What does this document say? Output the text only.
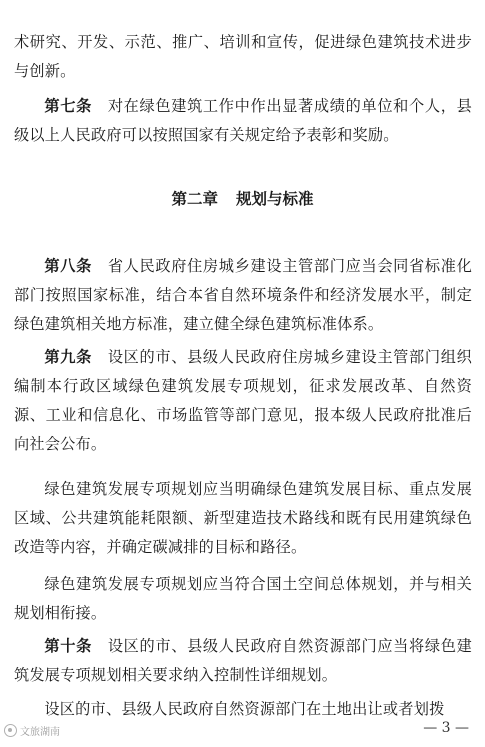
术研究、开发、示范、推广、培训和宣传，促进绿色建筑技术进步与创新。

第七条　 对在绿色建筑工作中作出显著成绩的单位和个人，县级以上人民政府可以按照国家有关规定给予表彰和奖励。

第二章 规划与标准

第八条　 省人民政府住房城乡建设主管部门应当会同省标准化部门按照国家标准，结合本省自然环境条件和经济发展水平，制定绿色建筑相关地方标准，建立健全绿色建筑标准体系。

第九条　 设区的市、县级人民政府住房城乡建设主管部门组织编制本行政区域绿色建筑发展专项规划，征求发展改革、自然资源、工业和信息化、市场监管等部门意见，报本级人民政府批准后向社会公布。

绿色建筑发展专项规划应当明确绿色建筑发展目标、重点发展区域、公共建筑能耗限额、新型建造技术路线和既有民用建筑绿色改造等内容，并确定碳减排的目标和路径。

绿色建筑发展专项规划应当符合国土空间总体规划，并与相关规划相衔接。

第十条　 设区的市、县级人民政府自然资源部门应当将绿色建筑发展专项规划相关要求纳入控制性详细规划。

设区的市、县级人民政府自然资源部门在土地出让或者划拨

文旅湖南	— 3 —
